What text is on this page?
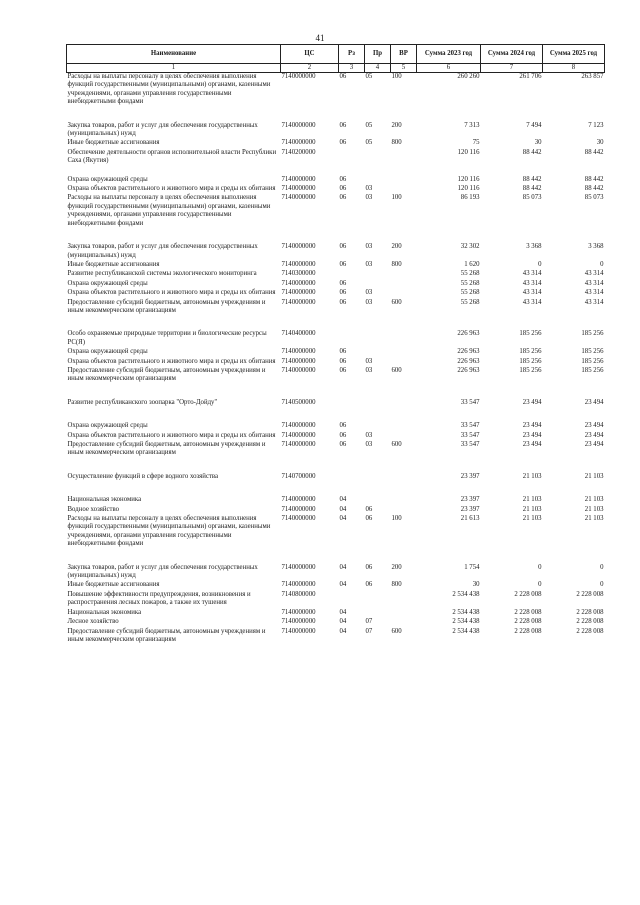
41
Наименование	ЦС	Рз	Пр	ВР	Сумма 2023 год	Сумма 2024 год	Сумма 2025 год
1	2	3	4	5	6	7	8
Расходы на выплаты персоналу в целях обеспечения выполнения функций государственными (муниципальными) органами, казенными учреждениями, органами управления государственными внебюджетными фондами	7140000000	06	05	100	260 260	261 706	263 857
Закупка товаров, работ и услуг для обеспечения государственных (муниципальных) нужд	7140000000	06	05	200	7 313	7 494	7 123
Иные бюджетные ассигнования	7140000000	06	05	800	75	30	30
Обеспечение деятельности органов исполнительной власти Республики Саха (Якутия)	7140200000				120 116	88 442	88 442
Охрана окружающей среды	7140000000	06			120 116	88 442	88 442
Охрана объектов растительного и животного мира и среды их обитания	7140000000	06	03		120 116	88 442	88 442
Расходы на выплаты персоналу в целях обеспечения выполнения функций государственными (муниципальными) органами, казенными учреждениями, органами управления государственными внебюджетными фондами	7140000000	06	03	100	86 193	85 073	85 073
Закупка товаров, работ и услуг для обеспечения государственных (муниципальных) нужд	7140000000	06	03	200	32 302	3 368	3 368
Иные бюджетные ассигнования	7140000000	06	03	800	1 620	0	0
Развитие республиканской системы экологического мониторинга	7140300000				55 268	43 314	43 314
Охрана окружающей среды	7140000000	06			55 268	43 314	43 314
Охрана объектов растительного и животного мира и среды их обитания	7140000000	06	03		55 268	43 314	43 314
Предоставление субсидий бюджетным, автономным учреждениям и иным некоммерческим организациям	7140000000	06	03	600	55 268	43 314	43 314
Особо охраняемые природные территории и биологические ресурсы РС(Я)	7140400000				226 963	185 256	185 256
Охрана окружающей среды	7140000000	06			226 963	185 256	185 256
Охрана объектов растительного и животного мира и среды их обитания	7140000000	06	03		226 963	185 256	185 256
Предоставление субсидий бюджетным, автономным учреждениям и иным некоммерческим организациям	7140000000	06	03	600	226 963	185 256	185 256
Развитие республиканского зоопарка "Орто-Дойду"	7140500000				33 547	23 494	23 494
Охрана окружающей среды	7140000000	06			33 547	23 494	23 494
Охрана объектов растительного и животного мира и среды их обитания	7140000000	06	03		33 547	23 494	23 494
Предоставление субсидий бюджетным, автономным учреждениям и иным некоммерческим организациям	7140000000	06	03	600	33 547	23 494	23 494
Осуществление функций в сфере водного хозяйства	7140700000				23 397	21 103	21 103
Национальная экономика	7140000000	04			23 397	21 103	21 103
Водное хозяйство	7140000000	04	06		23 397	21 103	21 103
Расходы на выплаты персоналу в целях обеспечения выполнения функций государственными (муниципальными) органами, казенными учреждениями, органами управления государственными внебюджетными фондами	7140000000	04	06	100	21 613	21 103	21 103
Закупка товаров, работ и услуг для обеспечения государственных (муниципальных) нужд	7140000000	04	06	200	1 754	0	0
Иные бюджетные ассигнования	7140000000	04	06	800	30	0	0
Повышение эффективности предупреждения, возникновения и распространения лесных пожаров, а также их тушения	7140800000				2 534 438	2 228 008	2 228 008
Национальная экономика	7140000000	04			2 534 438	2 228 008	2 228 008
Лесное хозяйство	7140000000	04	07		2 534 438	2 228 008	2 228 008
Предоставление субсидий бюджетным, автономным учреждениям и иным некоммерческим организациям	7140000000	04	07	600	2 534 438	2 228 008	2 228 008
